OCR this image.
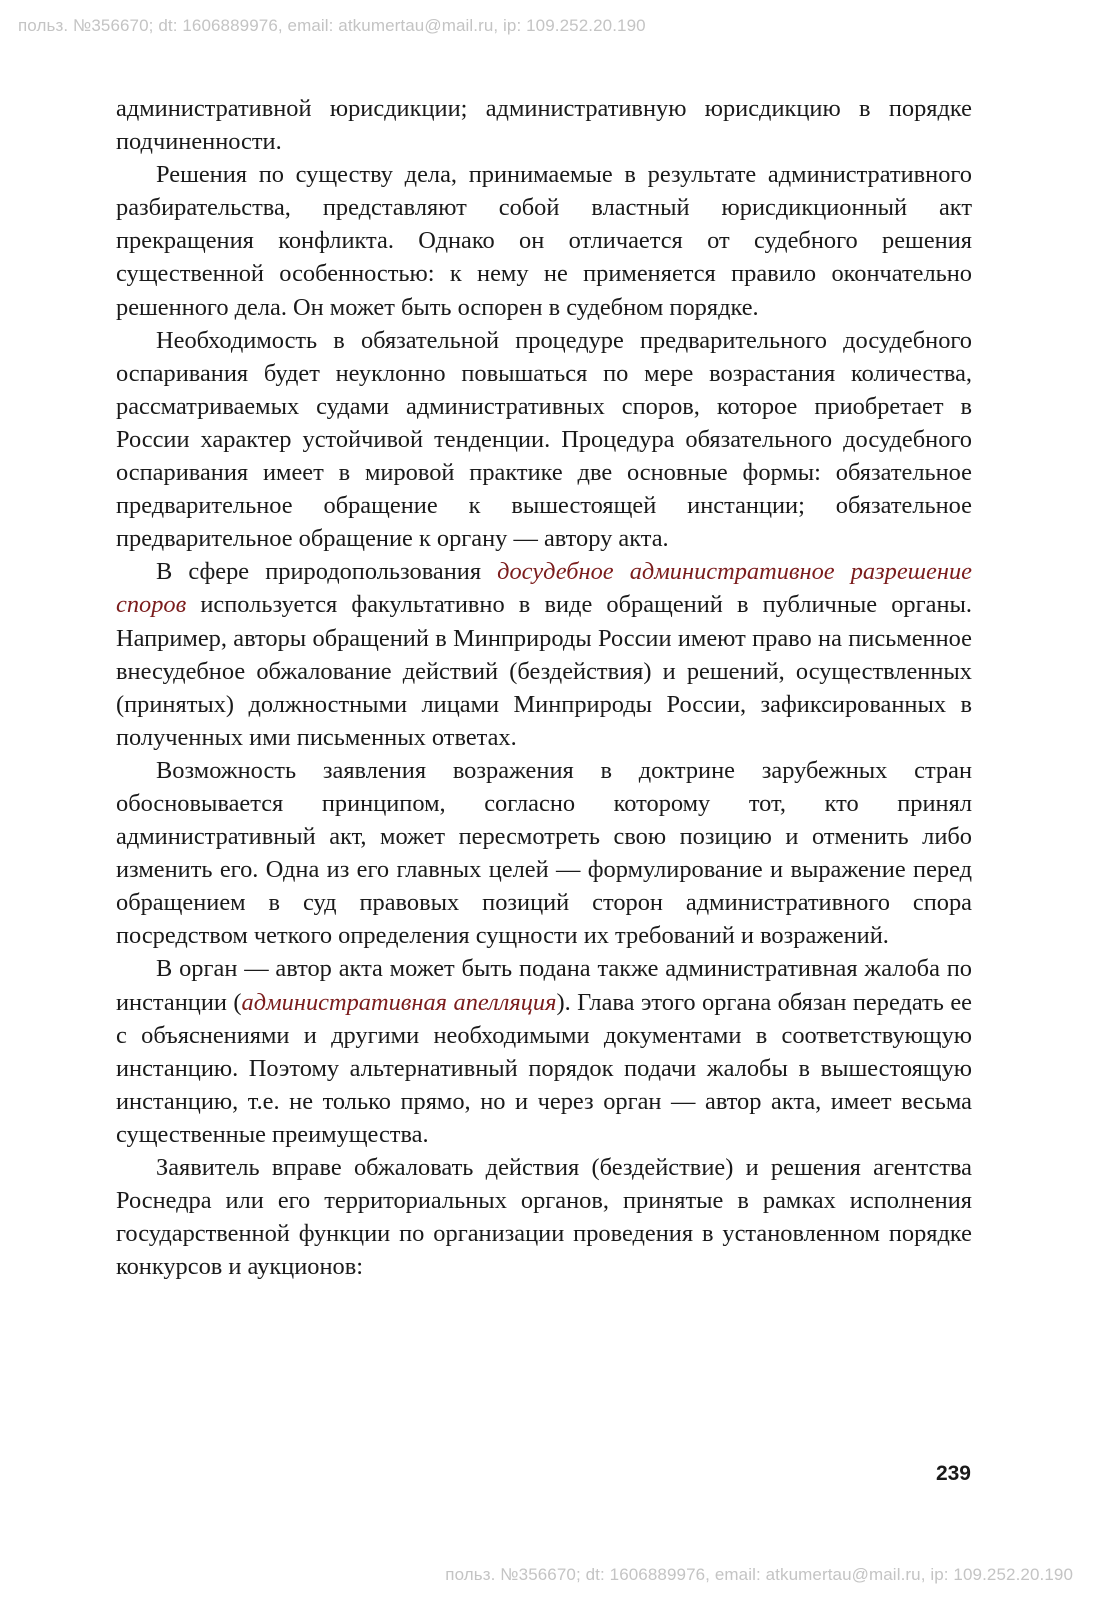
польз. №356670; dt: 1606889976, email: atkumertau@mail.ru, ip: 109.252.20.190

административной юрисдикции; административную юрисдикцию в порядке подчиненности.

Решения по существу дела, принимаемые в результате административного разбирательства, представляют собой властный юрисдикционный акт прекращения конфликта. Однако он отличается от судебного решения существенной особенностью: к нему не применяется правило окончательно решенного дела. Он может быть оспорен в судебном порядке.

Необходимость в обязательной процедуре предварительного досудебного оспаривания будет неуклонно повышаться по мере возрастания количества, рассматриваемых судами административных споров, которое приобретает в России характер устойчивой тенденции. Процедура обязательного досудебного оспаривания имеет в мировой практике две основные формы: обязательное предварительное обращение к вышестоящей инстанции; обязательное предварительное обращение к органу — автору акта.

В сфере природопользования досудебное административное разрешение споров используется факультативно в виде обращений в публичные органы. Например, авторы обращений в Минприроды России имеют право на письменное внесудебное обжалование действий (бездействия) и решений, осуществленных (принятых) должностными лицами Минприроды России, зафиксированных в полученных ими письменных ответах.

Возможность заявления возражения в доктрине зарубежных стран обосновывается принципом, согласно которому тот, кто принял административный акт, может пересмотреть свою позицию и отменить либо изменить его. Одна из его главных целей — формулирование и выражение перед обращением в суд правовых позиций сторон административного спора посредством четкого определения сущности их требований и возражений.

В орган — автор акта может быть подана также административная жалоба по инстанции (административная апелляция). Глава этого органа обязан передать ее с объяснениями и другими необходимыми документами в соответствующую инстанцию. Поэтому альтернативный порядок подачи жалобы в вышестоящую инстанцию, т.е. не только прямо, но и через орган — автор акта, имеет весьма существенные преимущества.

Заявитель вправе обжаловать действия (бездействие) и решения агентства Роснедра или его территориальных органов, принятые в рамках исполнения государственной функции по организации проведения в установленном порядке конкурсов и аукционов:

239
польз. №356670; dt: 1606889976, email: atkumertau@mail.ru, ip: 109.252.20.190
